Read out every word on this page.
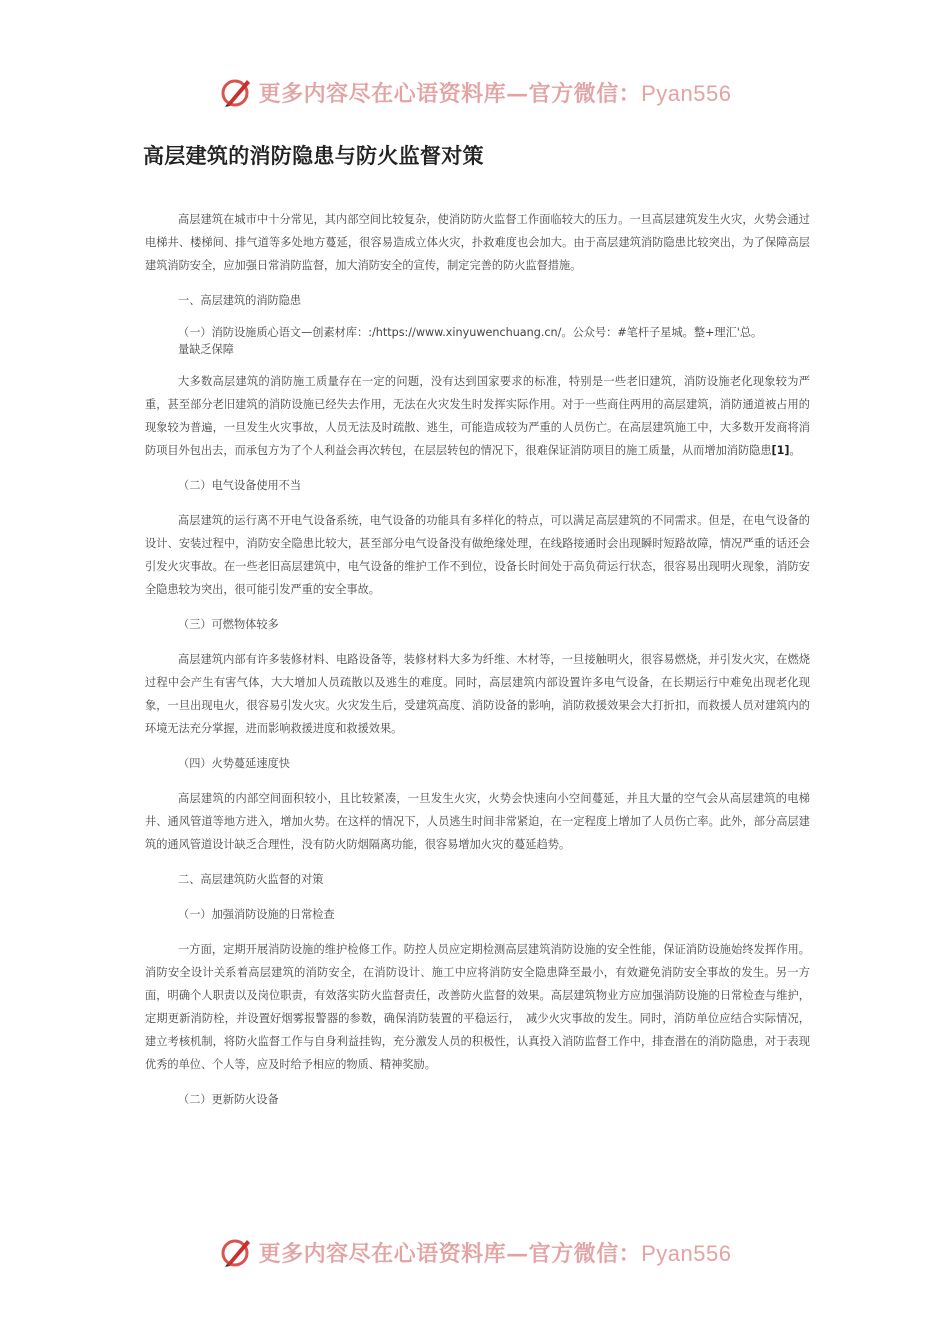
更多内容尽在心语资料库—官方微信：Pyan556
高层建筑的消防隐患与防火监督对策

高层建筑在城市中十分常见，其内部空间比较复杂，使消防防火监督工作面临较大的压力。一旦高层建筑发生火灾，火势会通过电梯井、楼梯间、排气道等多处地方蔓延，很容易造成立体火灾，扑救难度也会加大。由于高层建筑消防隐患比较突出，为了保障高层建筑消防安全，应加强日常消防监督，加大消防安全的宣传，制定完善的防火监督措施。

一、高层建筑的消防隐患
（一）消防设施质心语文—创素材库：:/https://www.xinyuwenchuang.cn/。公众号：#笔杆子星城。整+理汇'总。
量缺乏保障

大多数高层建筑的消防施工质量存在一定的问题，没有达到国家要求的标准，特别是一些老旧建筑，消防设施老化现象较为严重，甚至部分老旧建筑的消防设施已经失去作用，无法在火灾发生时发挥实际作用。对于一些商住两用的高层建筑，消防通道被占用的现象较为普遍，一旦发生火灾事故，人员无法及时疏散、逃生，可能造成较为严重的人员伤亡。在高层建筑施工中，大多数开发商将消防项目外包出去，而承包方为了个人利益会再次转包，在层层转包的情况下，很难保证消防项目的施工质量，从而增加消防隐患[1]。

（二）电气设备使用不当

高层建筑的运行离不开电气设备系统，电气设备的功能具有多样化的特点，可以满足高层建筑的不同需求。但是，在电气设备的设计、安装过程中，消防安全隐患比较大，甚至部分电气设备没有做绝缘处理，在线路接通时会出现瞬时短路故障，情况严重的话还会引发火灾事故。在一些老旧高层建筑中，电气设备的维护工作不到位，设备长时间处于高负荷运行状态，很容易出现明火现象，消防安全隐患较为突出，很可能引发严重的安全事故。

（三）可燃物体较多

高层建筑内部有许多装修材料、电路设备等，装修材料大多为纤维、木材等，一旦接触明火，很容易燃烧，并引发火灾，在燃烧过程中会产生有害气体，大大增加人员疏散以及逃生的难度。同时，高层建筑内部设置许多电气设备，在长期运行中难免出现老化现象，一旦出现电火，很容易引发火灾。火灾发生后，受建筑高度、消防设备的影响，消防救援效果会大打折扣，而救援人员对建筑内的环境无法充分掌握，进而影响救援进度和救援效果。

（四）火势蔓延速度快

高层建筑的内部空间面积较小，且比较紧凑，一旦发生火灾，火势会快速向小空间蔓延，并且大量的空气会从高层建筑的电梯井、通风管道等地方进入，增加火势。在这样的情况下，人员逃生时间非常紧迫，在一定程度上增加了人员伤亡率。此外，部分高层建筑的通风管道设计缺乏合理性，没有防火防烟隔离功能，很容易增加火灾的蔓延趋势。

二、高层建筑防火监督的对策
（一）加强消防设施的日常检查

一方面，定期开展消防设施的维护检修工作。防控人员应定期检测高层建筑消防设施的安全性能，保证消防设施始终发挥作用。消防安全设计关系着高层建筑的消防安全，在消防设计、施工中应将消防安全隐患降至最小，有效避免消防安全事故的发生。另一方面，明确个人职责以及岗位职责，有效落实防火监督责任，改善防火监督的效果。高层建筑物业方应加强消防设施的日常检查与维护，定期更新消防栓，并设置好烟雾报警器的参数，确保消防装置的平稳运行，　减少火灾事故的发生。同时，消防单位应结合实际情况，建立考核机制，将防火监督工作与自身利益挂钩，充分激发人员的积极性，认真投入消防监督工作中，排查潜在的消防隐患，对于表现优秀的单位、个人等，应及时给予相应的物质、精神奖励。

（二）更新防火设备
更多内容尽在心语资料库—官方微信：Pyan556
